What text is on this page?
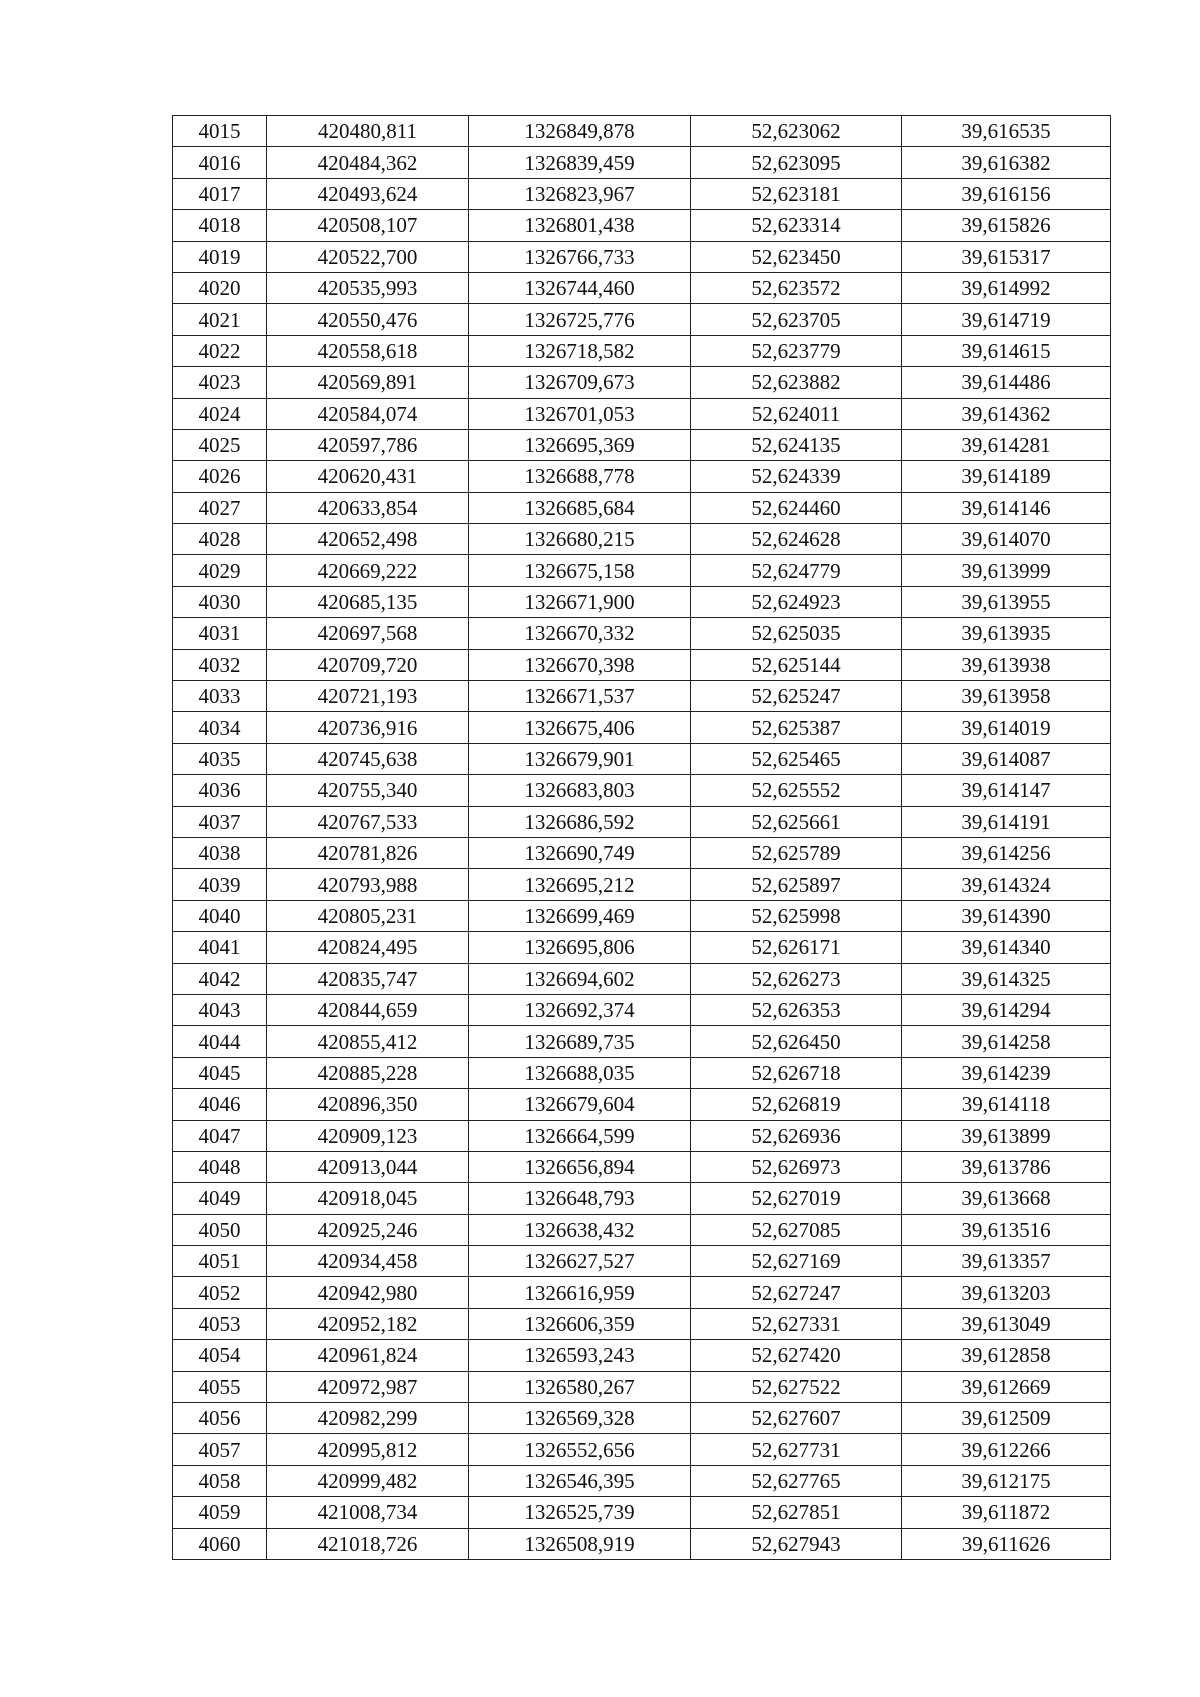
4015	420480,811	1326849,878	52,623062	39,616535
4016	420484,362	1326839,459	52,623095	39,616382
4017	420493,624	1326823,967	52,623181	39,616156
4018	420508,107	1326801,438	52,623314	39,615826
4019	420522,700	1326766,733	52,623450	39,615317
4020	420535,993	1326744,460	52,623572	39,614992
4021	420550,476	1326725,776	52,623705	39,614719
4022	420558,618	1326718,582	52,623779	39,614615
4023	420569,891	1326709,673	52,623882	39,614486
4024	420584,074	1326701,053	52,624011	39,614362
4025	420597,786	1326695,369	52,624135	39,614281
4026	420620,431	1326688,778	52,624339	39,614189
4027	420633,854	1326685,684	52,624460	39,614146
4028	420652,498	1326680,215	52,624628	39,614070
4029	420669,222	1326675,158	52,624779	39,613999
4030	420685,135	1326671,900	52,624923	39,613955
4031	420697,568	1326670,332	52,625035	39,613935
4032	420709,720	1326670,398	52,625144	39,613938
4033	420721,193	1326671,537	52,625247	39,613958
4034	420736,916	1326675,406	52,625387	39,614019
4035	420745,638	1326679,901	52,625465	39,614087
4036	420755,340	1326683,803	52,625552	39,614147
4037	420767,533	1326686,592	52,625661	39,614191
4038	420781,826	1326690,749	52,625789	39,614256
4039	420793,988	1326695,212	52,625897	39,614324
4040	420805,231	1326699,469	52,625998	39,614390
4041	420824,495	1326695,806	52,626171	39,614340
4042	420835,747	1326694,602	52,626273	39,614325
4043	420844,659	1326692,374	52,626353	39,614294
4044	420855,412	1326689,735	52,626450	39,614258
4045	420885,228	1326688,035	52,626718	39,614239
4046	420896,350	1326679,604	52,626819	39,614118
4047	420909,123	1326664,599	52,626936	39,613899
4048	420913,044	1326656,894	52,626973	39,613786
4049	420918,045	1326648,793	52,627019	39,613668
4050	420925,246	1326638,432	52,627085	39,613516
4051	420934,458	1326627,527	52,627169	39,613357
4052	420942,980	1326616,959	52,627247	39,613203
4053	420952,182	1326606,359	52,627331	39,613049
4054	420961,824	1326593,243	52,627420	39,612858
4055	420972,987	1326580,267	52,627522	39,612669
4056	420982,299	1326569,328	52,627607	39,612509
4057	420995,812	1326552,656	52,627731	39,612266
4058	420999,482	1326546,395	52,627765	39,612175
4059	421008,734	1326525,739	52,627851	39,611872
4060	421018,726	1326508,919	52,627943	39,611626
